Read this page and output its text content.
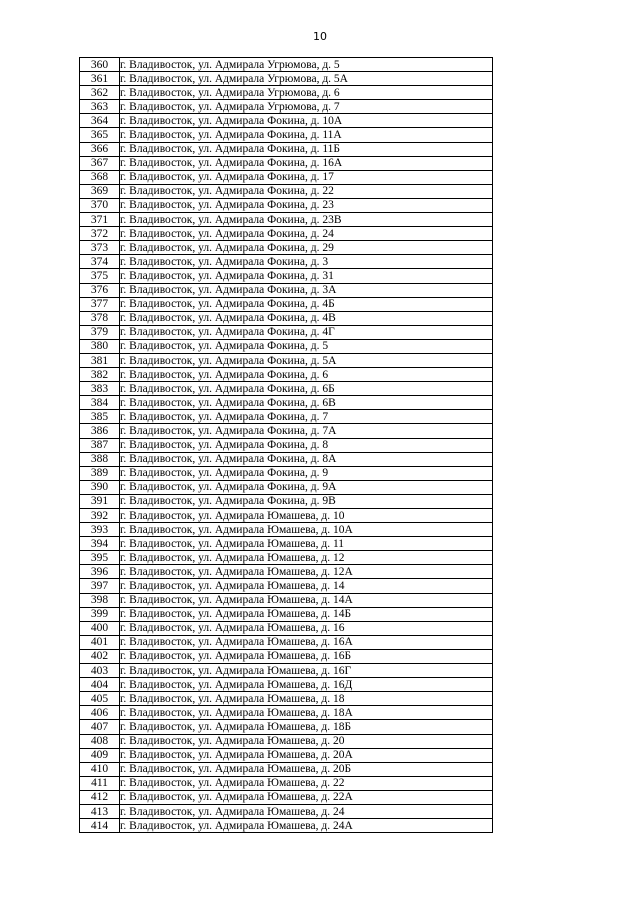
10
360	г. Владивосток, ул. Адмирала Угрюмова, д. 5
361	г. Владивосток, ул. Адмирала Угрюмова, д. 5А
362	г. Владивосток, ул. Адмирала Угрюмова, д. 6
363	г. Владивосток, ул. Адмирала Угрюмова, д. 7
364	г. Владивосток, ул. Адмирала Фокина, д. 10А
365	г. Владивосток, ул. Адмирала Фокина, д. 11А
366	г. Владивосток, ул. Адмирала Фокина, д. 11Б
367	г. Владивосток, ул. Адмирала Фокина, д. 16А
368	г. Владивосток, ул. Адмирала Фокина, д. 17
369	г. Владивосток, ул. Адмирала Фокина, д. 22
370	г. Владивосток, ул. Адмирала Фокина, д. 23
371	г. Владивосток, ул. Адмирала Фокина, д. 23В
372	г. Владивосток, ул. Адмирала Фокина, д. 24
373	г. Владивосток, ул. Адмирала Фокина, д. 29
374	г. Владивосток, ул. Адмирала Фокина, д. 3
375	г. Владивосток, ул. Адмирала Фокина, д. 31
376	г. Владивосток, ул. Адмирала Фокина, д. 3А
377	г. Владивосток, ул. Адмирала Фокина, д. 4Б
378	г. Владивосток, ул. Адмирала Фокина, д. 4В
379	г. Владивосток, ул. Адмирала Фокина, д. 4Г
380	г. Владивосток, ул. Адмирала Фокина, д. 5
381	г. Владивосток, ул. Адмирала Фокина, д. 5А
382	г. Владивосток, ул. Адмирала Фокина, д. 6
383	г. Владивосток, ул. Адмирала Фокина, д. 6Б
384	г. Владивосток, ул. Адмирала Фокина, д. 6В
385	г. Владивосток, ул. Адмирала Фокина, д. 7
386	г. Владивосток, ул. Адмирала Фокина, д. 7А
387	г. Владивосток, ул. Адмирала Фокина, д. 8
388	г. Владивосток, ул. Адмирала Фокина, д. 8А
389	г. Владивосток, ул. Адмирала Фокина, д. 9
390	г. Владивосток, ул. Адмирала Фокина, д. 9А
391	г. Владивосток, ул. Адмирала Фокина, д. 9В
392	г. Владивосток, ул. Адмирала Юмашева, д. 10
393	г. Владивосток, ул. Адмирала Юмашева, д. 10А
394	г. Владивосток, ул. Адмирала Юмашева, д. 11
395	г. Владивосток, ул. Адмирала Юмашева, д. 12
396	г. Владивосток, ул. Адмирала Юмашева, д. 12А
397	г. Владивосток, ул. Адмирала Юмашева, д. 14
398	г. Владивосток, ул. Адмирала Юмашева, д. 14А
399	г. Владивосток, ул. Адмирала Юмашева, д. 14Б
400	г. Владивосток, ул. Адмирала Юмашева, д. 16
401	г. Владивосток, ул. Адмирала Юмашева, д. 16А
402	г. Владивосток, ул. Адмирала Юмашева, д. 16Б
403	г. Владивосток, ул. Адмирала Юмашева, д. 16Г
404	г. Владивосток, ул. Адмирала Юмашева, д. 16Д
405	г. Владивосток, ул. Адмирала Юмашева, д. 18
406	г. Владивосток, ул. Адмирала Юмашева, д. 18А
407	г. Владивосток, ул. Адмирала Юмашева, д. 18Б
408	г. Владивосток, ул. Адмирала Юмашева, д. 20
409	г. Владивосток, ул. Адмирала Юмашева, д. 20А
410	г. Владивосток, ул. Адмирала Юмашева, д. 20Б
411	г. Владивосток, ул. Адмирала Юмашева, д. 22
412	г. Владивосток, ул. Адмирала Юмашева, д. 22А
413	г. Владивосток, ул. Адмирала Юмашева, д. 24
414	г. Владивосток, ул. Адмирала Юмашева, д. 24А
